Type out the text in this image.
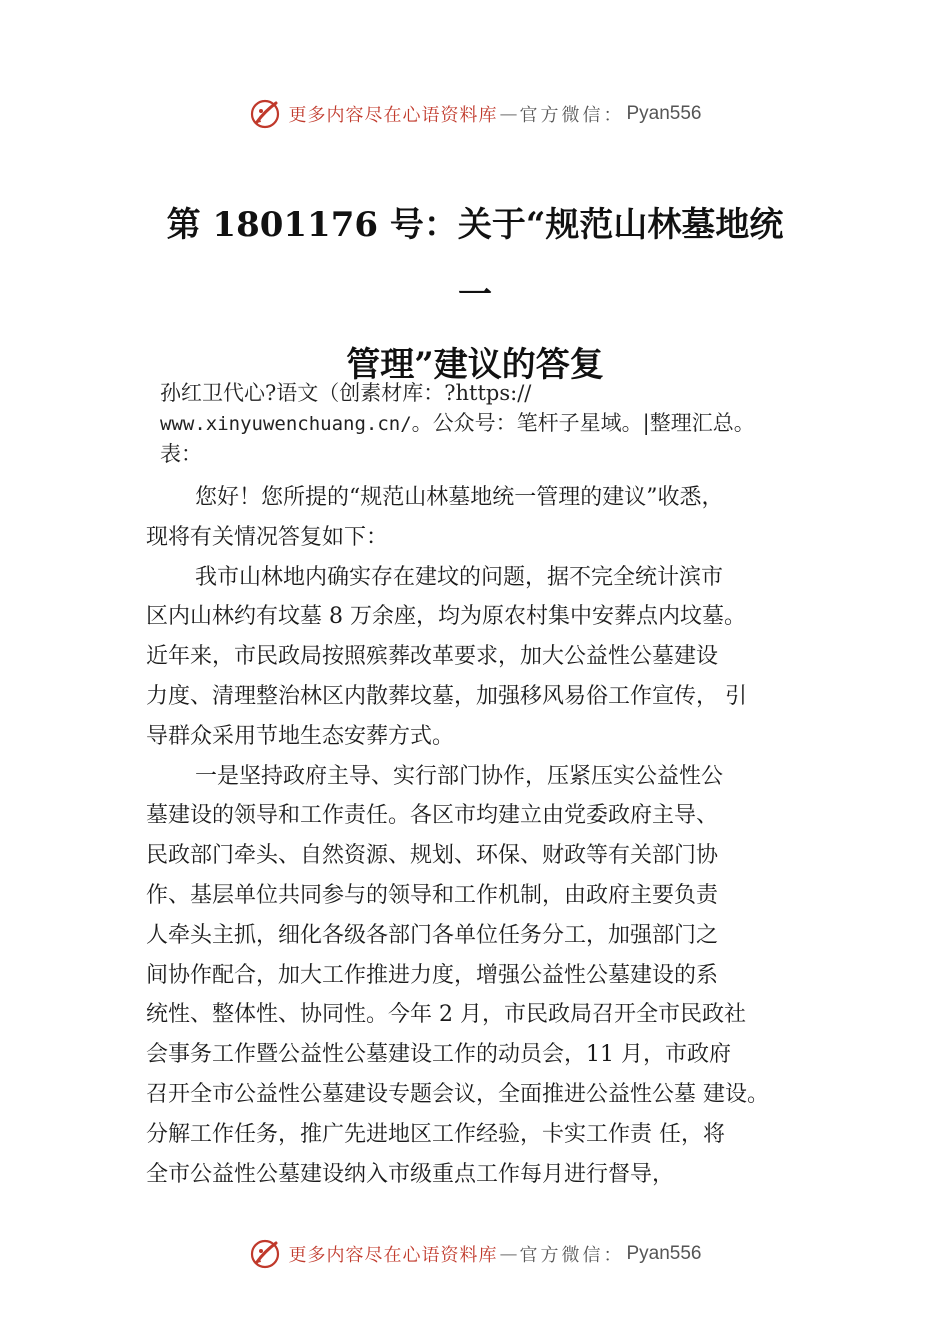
更多内容尽在心语资料库 — 官方微信： Pyan556
第 1801176 号：关于“规范山林墓地统一
管理”建议的答复
孙红卫代心?语文（创素材库：?https://
www.xinyuwenchuang.cn/。公众号：笔杆子星域。|整理汇总。
表：
您好！您所提的“规范山林墓地统一管理的建议”收悉，
现将有关情况答复如下：
我市山林地内确实存在建坟的问题，据不完全统计滨市
区内山林约有坟墓 8 万余座，均为原农村集中安葬点内坟墓。
近年来，市民政局按照殡葬改革要求，加大公益性公墓建设
力度、清理整治林区内散葬坟墓，加强移风易俗工作宣传， 引
导群众采用节地生态安葬方式。
一是坚持政府主导、实行部门协作，压紧压实公益性公
墓建设的领导和工作责任。各区市均建立由党委政府主导、
民政部门牵头、自然资源、规划、环保、财政等有关部门协
作、基层单位共同参与的领导和工作机制，由政府主要负责
人牵头主抓，细化各级各部门各单位任务分工，加强部门之
间协作配合，加大工作推进力度，增强公益性公墓建设的系
统性、整体性、协同性。今年 2 月，市民政局召开全市民政社
会事务工作暨公益性公墓建设工作的动员会，11 月，市政府
召开全市公益性公墓建设专题会议，全面推进公益性公墓 建设。
分解工作任务，推广先进地区工作经验，卡实工作责 任，将
全市公益性公墓建设纳入市级重点工作每月进行督导，
更多内容尽在心语资料库 — 官方微信： Pyan556
